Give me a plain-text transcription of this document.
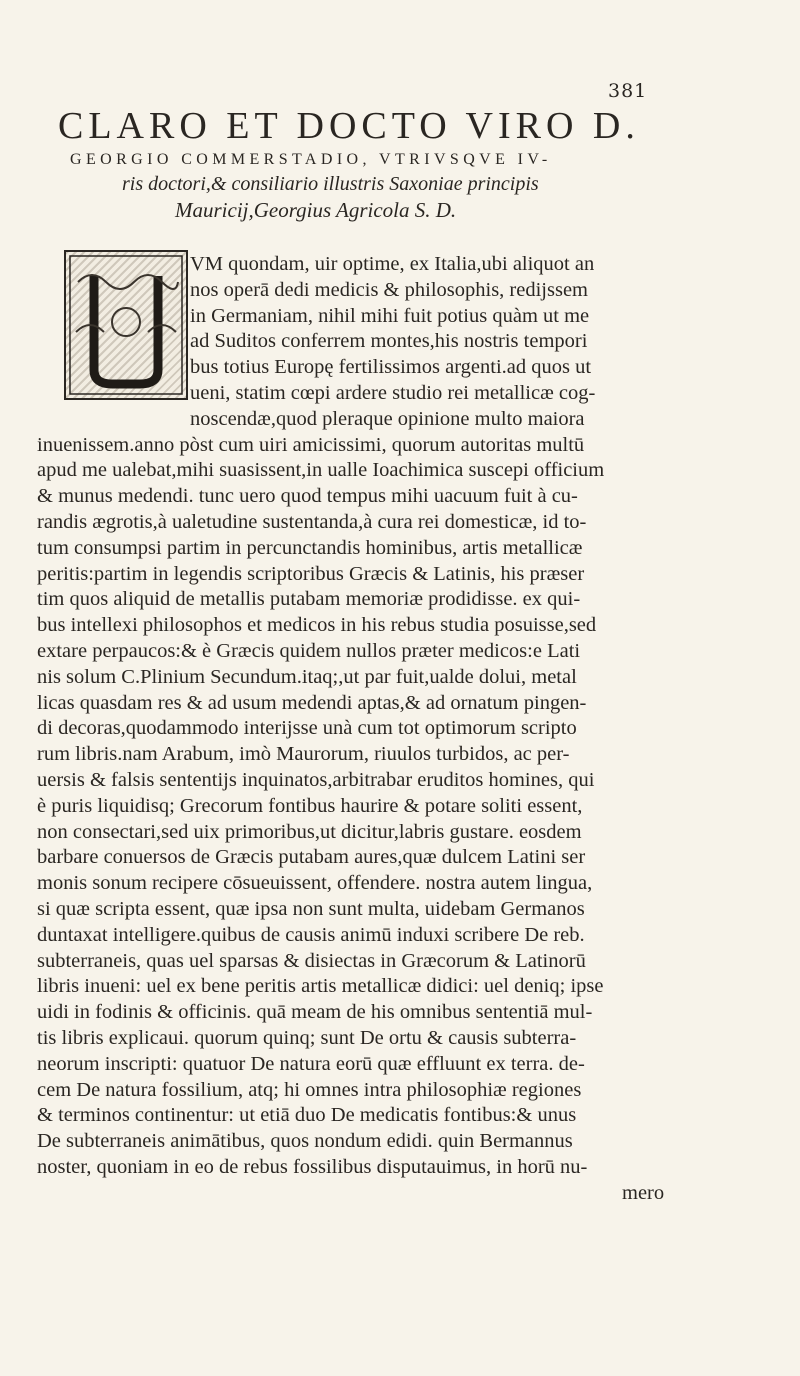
381
CLARO ET DOCTO VIRO D.
GEORGIO COMMERSTADIO, VTRIVSQVE IV-
ris doctori,& consiliario illustris Saxoniae principis
Mauricij,Georgius Agricola S. D.
VM quondam, uir optime, ex Italia,ubi aliquot an
nos operā dedi medicis & philosophis, redijssem
in Germaniam, nihil mihi fuit potius quàm ut me
ad Suditos conferrem montes,his nostris tempori
bus totius Europę fertilissimos argenti.ad quos ut
ueni, statim cœpi ardere studio rei metallicæ cog-
noscendæ,quod pleraque opinione multo maiora
inuenissem.anno pòst cum uiri amicissimi, quorum autoritas multū
apud me ualebat,mihi suasissent,in ualle Ioachimica suscepi officium
& munus medendi. tunc uero quod tempus mihi uacuum fuit à cu-
randis ægrotis,à ualetudine sustentanda,à cura rei domesticæ, id to-
tum consumpsi partim in percunctandis hominibus, artis metallicæ
peritis:partim in legendis scriptoribus Græcis & Latinis, his præser
tim quos aliquid de metallis putabam memoriæ prodidisse. ex qui-
bus intellexi philosophos et medicos in his rebus studia posuisse,sed
extare perpaucos:& è Græcis quidem nullos præter medicos:e Lati
nis solum C.Plinium Secundum.itaq;,ut par fuit,ualde dolui, metal
licas quasdam res & ad usum medendi aptas,& ad ornatum pingen-
di decoras,quodammodo interijsse unà cum tot optimorum scripto
rum libris.nam Arabum, imò Maurorum, riuulos turbidos, ac per-
uersis & falsis sententijs inquinatos,arbitrabar eruditos homines, qui
è puris liquidisq; Grecorum fontibus haurire & potare soliti essent,
non consectari,sed uix primoribus,ut dicitur,labris gustare. eosdem
barbare conuersos de Græcis putabam aures,quæ dulcem Latini ser
monis sonum recipere cōsueuissent, offendere. nostra autem lingua,
si quæ scripta essent, quæ ipsa non sunt multa, uidebam Germanos
duntaxat intelligere.quibus de causis animū induxi scribere De reb.
subterraneis, quas uel sparsas & disiectas in Græcorum & Latinorū
libris inueni: uel ex bene peritis artis metallicæ didici: uel deniq; ipse
uidi in fodinis & officinis. quā meam de his omnibus sententiā mul-
tis libris explicaui. quorum quinq; sunt De ortu & causis subterra-
neorum inscripti: quatuor De natura eorū quæ effluunt ex terra. de-
cem De natura fossilium, atq; hi omnes intra philosophiæ regiones
& terminos continentur: ut etiā duo De medicatis fontibus:& unus
De subterraneis animātibus, quos nondum edidi. quin Bermannus
noster, quoniam in eo de rebus fossilibus disputauimus, in horū nu-
mero
